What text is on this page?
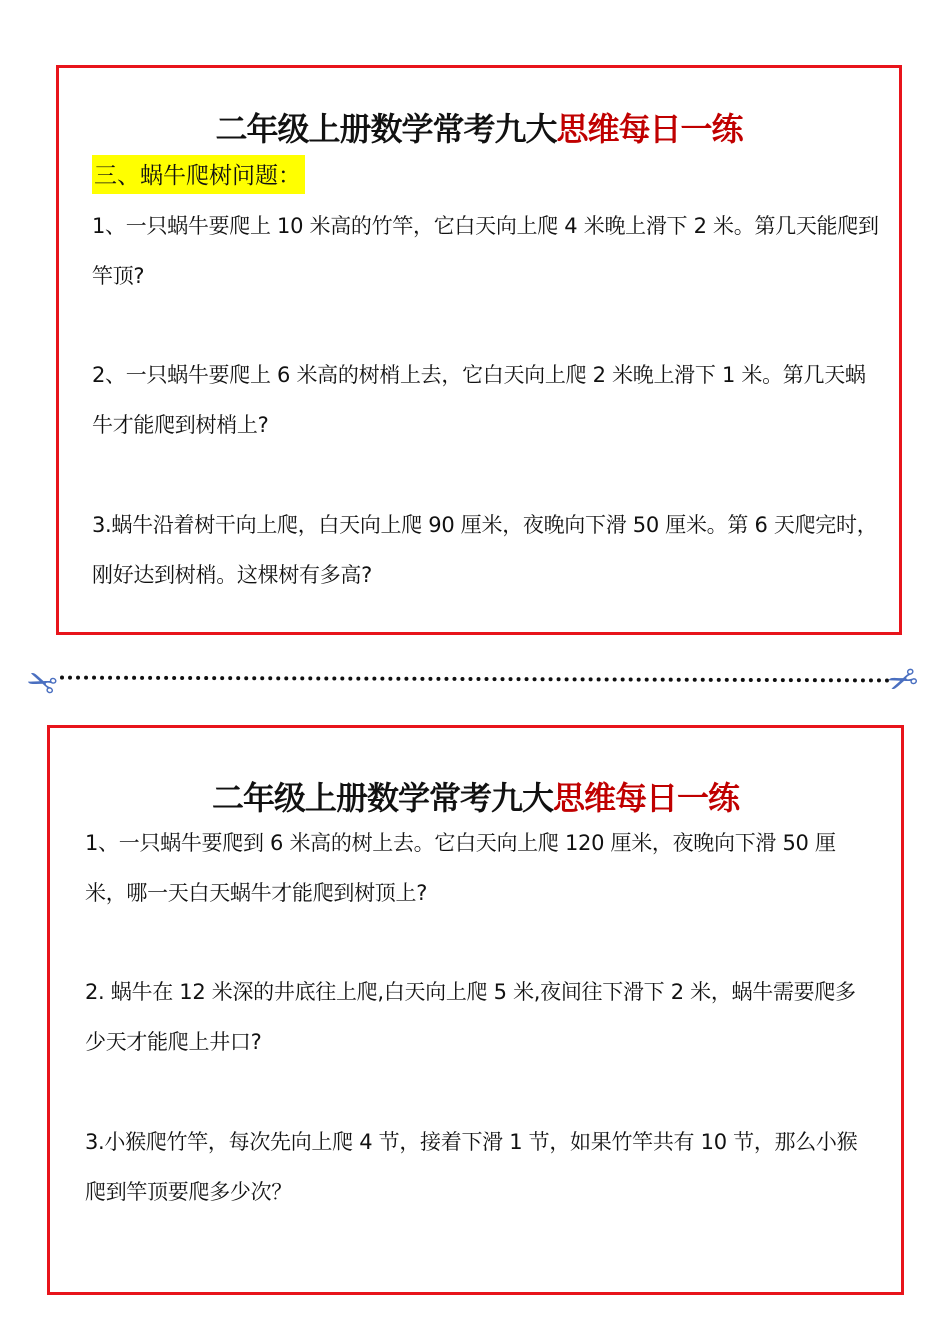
二年级上册数学常考九大思维每日一练
三、蜗牛爬树问题：
1、一只蜗牛要爬上 10 米高的竹竿，它白天向上爬 4 米晚上滑下 2 米。第几天能爬到竿顶?
2、一只蜗牛要爬上 6 米高的树梢上去，它白天向上爬 2 米晚上滑下 1 米。第几天蜗牛才能爬到树梢上?
3.蜗牛沿着树干向上爬，白天向上爬 90 厘米，夜晚向下滑 50 厘米。第 6 天爬完时，刚好达到树梢。这棵树有多高?
✂	✂
二年级上册数学常考九大思维每日一练
1、一只蜗牛要爬到 6 米高的树上去。它白天向上爬 120 厘米，夜晚向下滑 50 厘米，哪一天白天蜗牛才能爬到树顶上?
2. 蜗牛在 12 米深的井底往上爬,白天向上爬 5 米,夜间往下滑下 2 米，蜗牛需要爬多少天才能爬上井口?
3.小猴爬竹竿，每次先向上爬 4 节，接着下滑 1 节，如果竹竿共有 10 节，那么小猴爬到竿顶要爬多少次？
